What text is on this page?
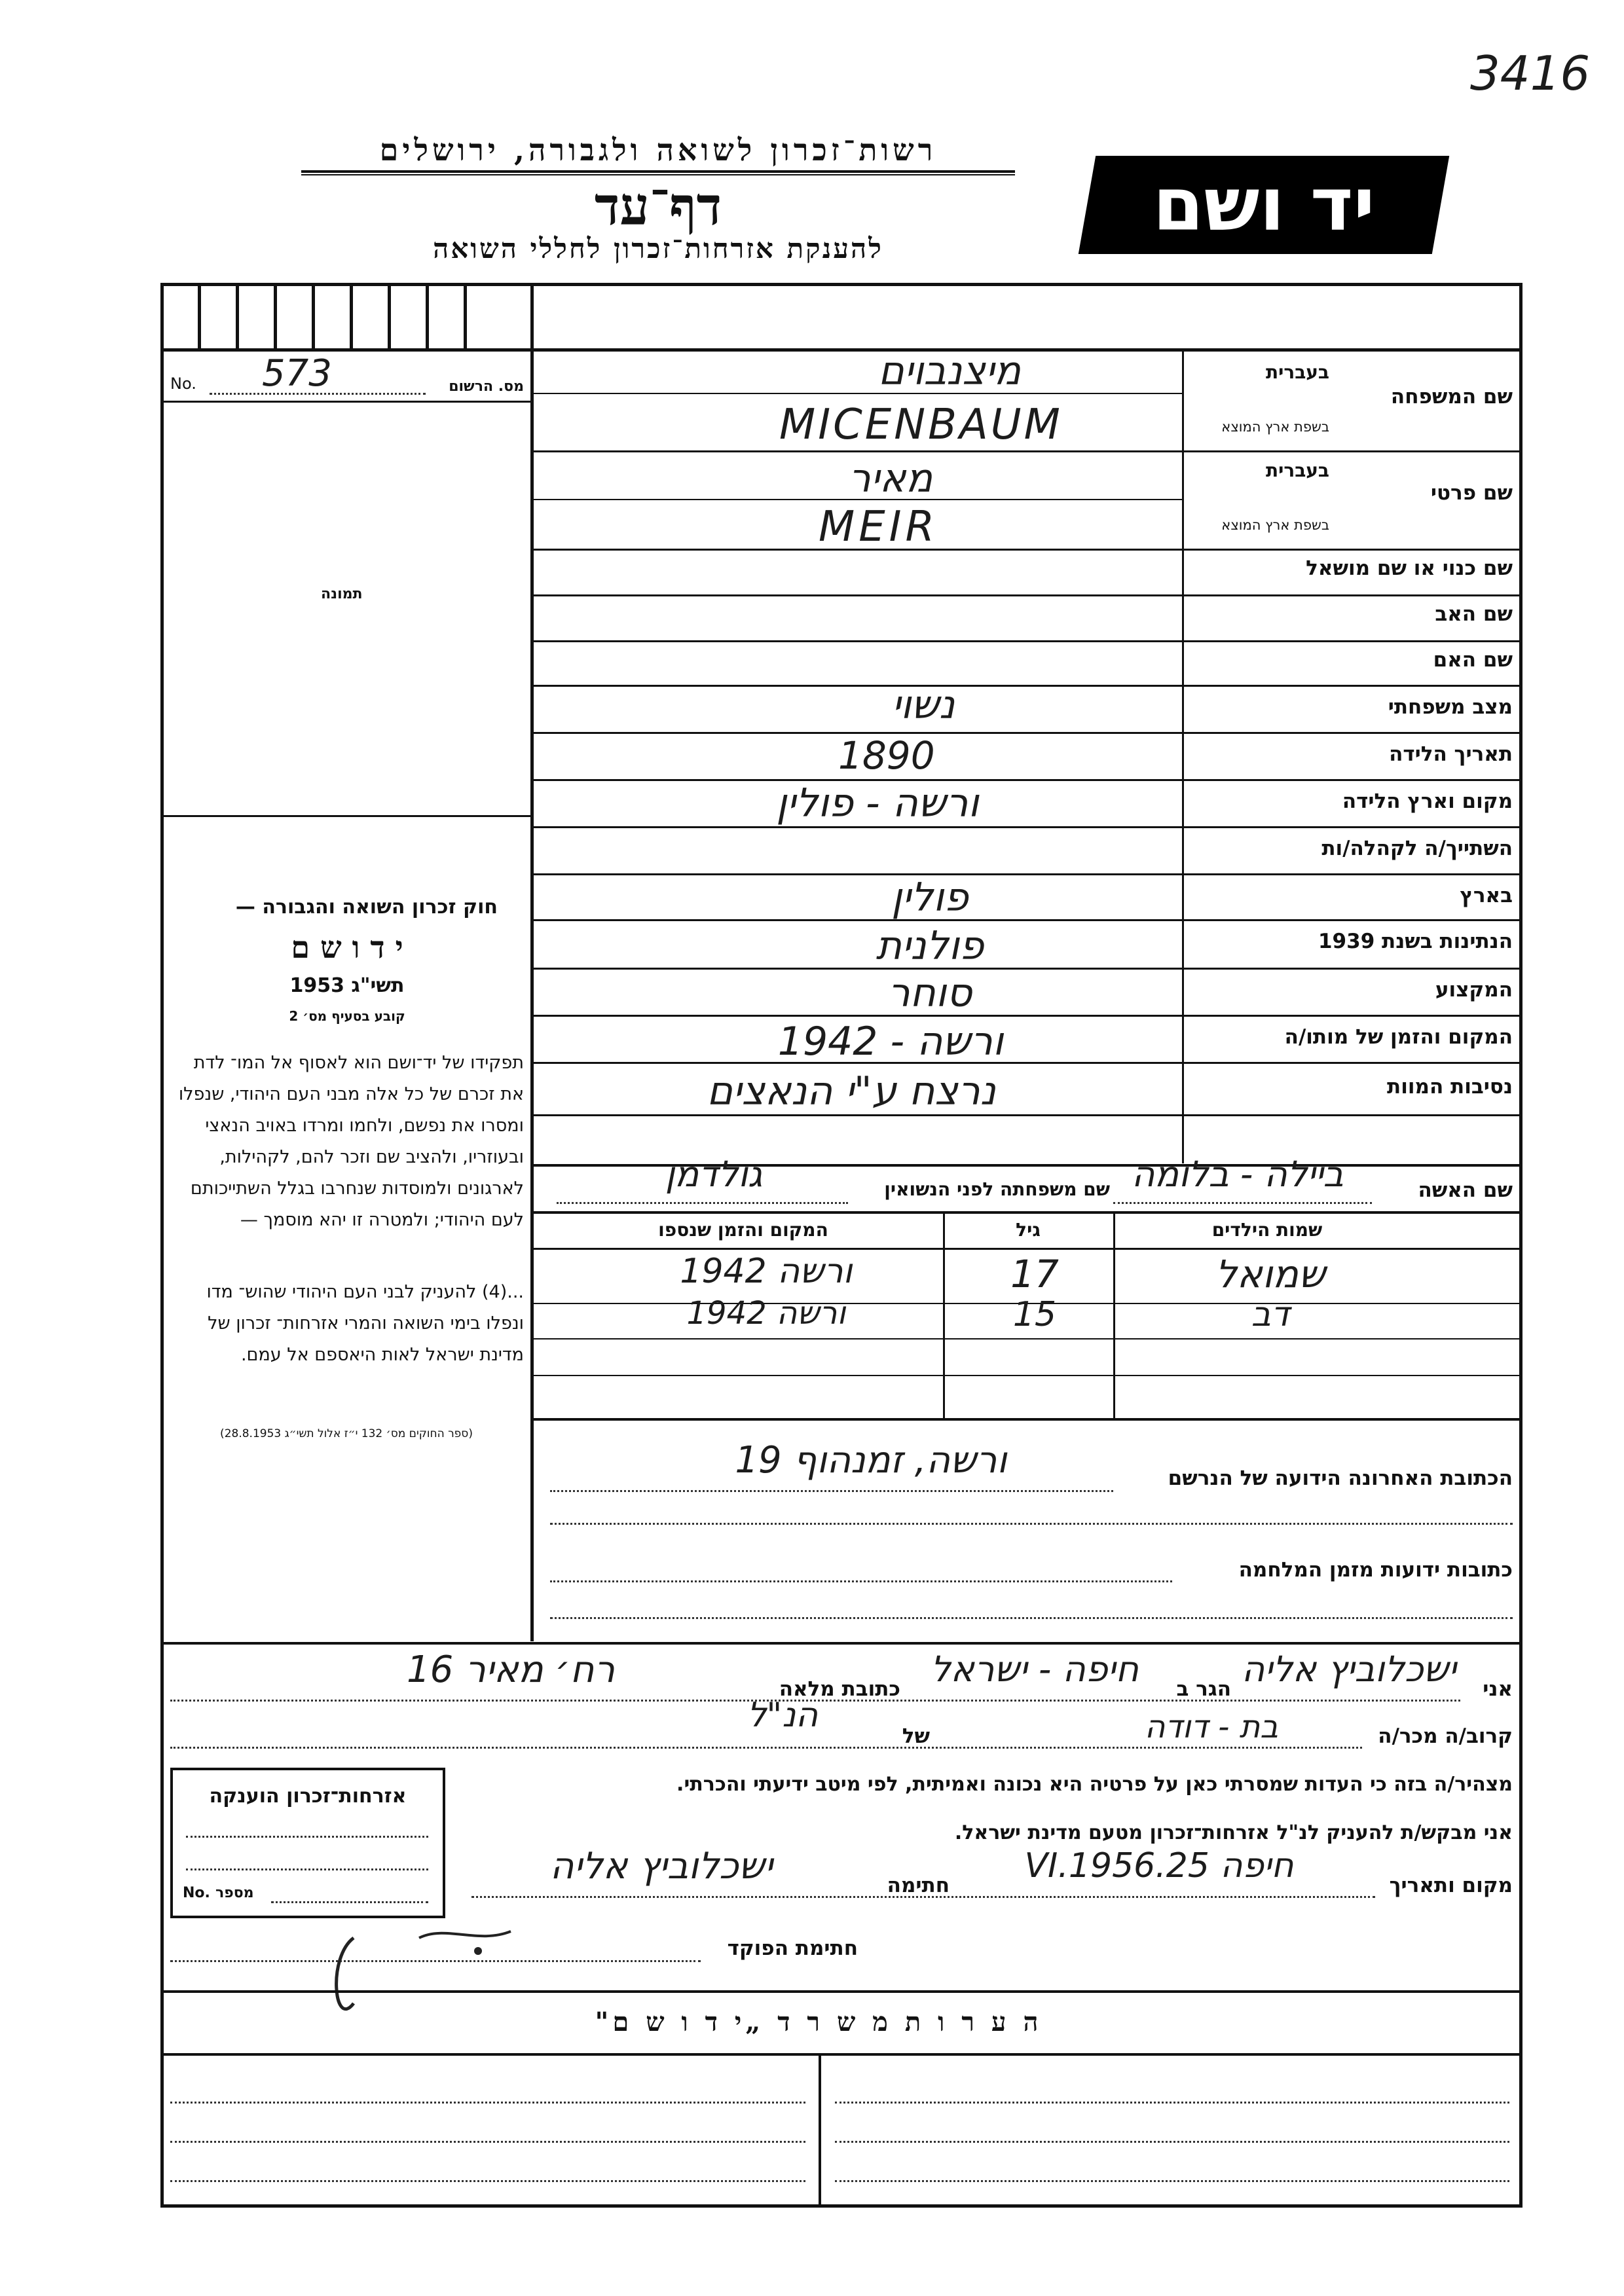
3416
רשות־זכרון לשואה ולגבורה, ירושלים
דף־עד
להענקת אזרחות־זכרון לחללי השואה
יד ושם
מס. הרשום
No. 573
תמונה
חוק זכרון השואה והגבורה —
י ד ו ש ם
תשי"ג 1953
קובע בסעיף מס׳ 2
תפקידו של יד־ושם הוא לאסוף אל המו־ לדת את זכרם של כל אלה מבני העם היהודי, שנפלו ומסרו את נפשם, ולחמו ומרדו באויב הנאצי ובעוזריו, ולהציב שם וזכר להם, לקהילות, לארגונים ולמוסדות שנחרבו בגלל השתייכותם לעם היהודי; ולמטרה זו יהא מוסמך —
...(4) להעניק לבני העם היהודי שהוש־ מדו ונפלו בימי השואה והמרי אזרחות־ זכרון של מדינת ישראל לאות היאספם אל עמם.
(ספר החוקים מס׳ 132 י״ז אלול תשי״ג 28.8.1953)
שם המשפחה
בעברית
בשפת ארץ המוצא
שם פרטי
בעברית
בשפת ארץ המוצא
שם כנוי או שם מושאל
שם האב
שם האם
מצב משפחתי
תאריך הלידה
מקום וארץ הלידה
השתייך/ה לקהלה/ות
בארץ
הנתינות בשנת 1939
המקצוע
המקום והזמן של מותו/ה
נסיבות המוות
מיצנבוים
MICENBAUM
מאיר
MEIR
נשוי
1890
ורשה - פולין
פולין
פולנית
סוחר
ורשה - 1942
נרצח ע"י הנאצים
שם האשה
ביילה - בלומה
שם משפחתה לפני הנשואין
גולדמן
שמות הילדים
גיל
המקום והזמן שנספו
שמואל
17
ורשה 1942
דב
15
ורשה 1942
הכתובת האחרונה הידועה של הנרשם
ורשה, זמנהוף 19
כתובות ידועות מזמן המלחמה
אני
ישכלוביץ אליה
הגר ב
חיפה - ישראל
כתובת מלאה
רח׳ מאיר 16
קרוב/ה מכר/ה
בת - דודה
של
הנ"ל
מצהיר/ה בזה כי העדות שמסרתי כאן על פרטיה היא נכונה ואמיתית, לפי מיטב ידיעתי והכרתי.
אני מבקש/ת להעניק לנ"ל אזרחות־זכרון מטעם מדינת ישראל.
מקום ותאריך
חיפה 25.VI.1956
חתימה
ישכלוביץ אליה
חתימת הפוקד
אזרחות־זכרון הוענקה
No. מספר
ה ע ר ו ת מ ש ר ד „י ד ו ש ם"
